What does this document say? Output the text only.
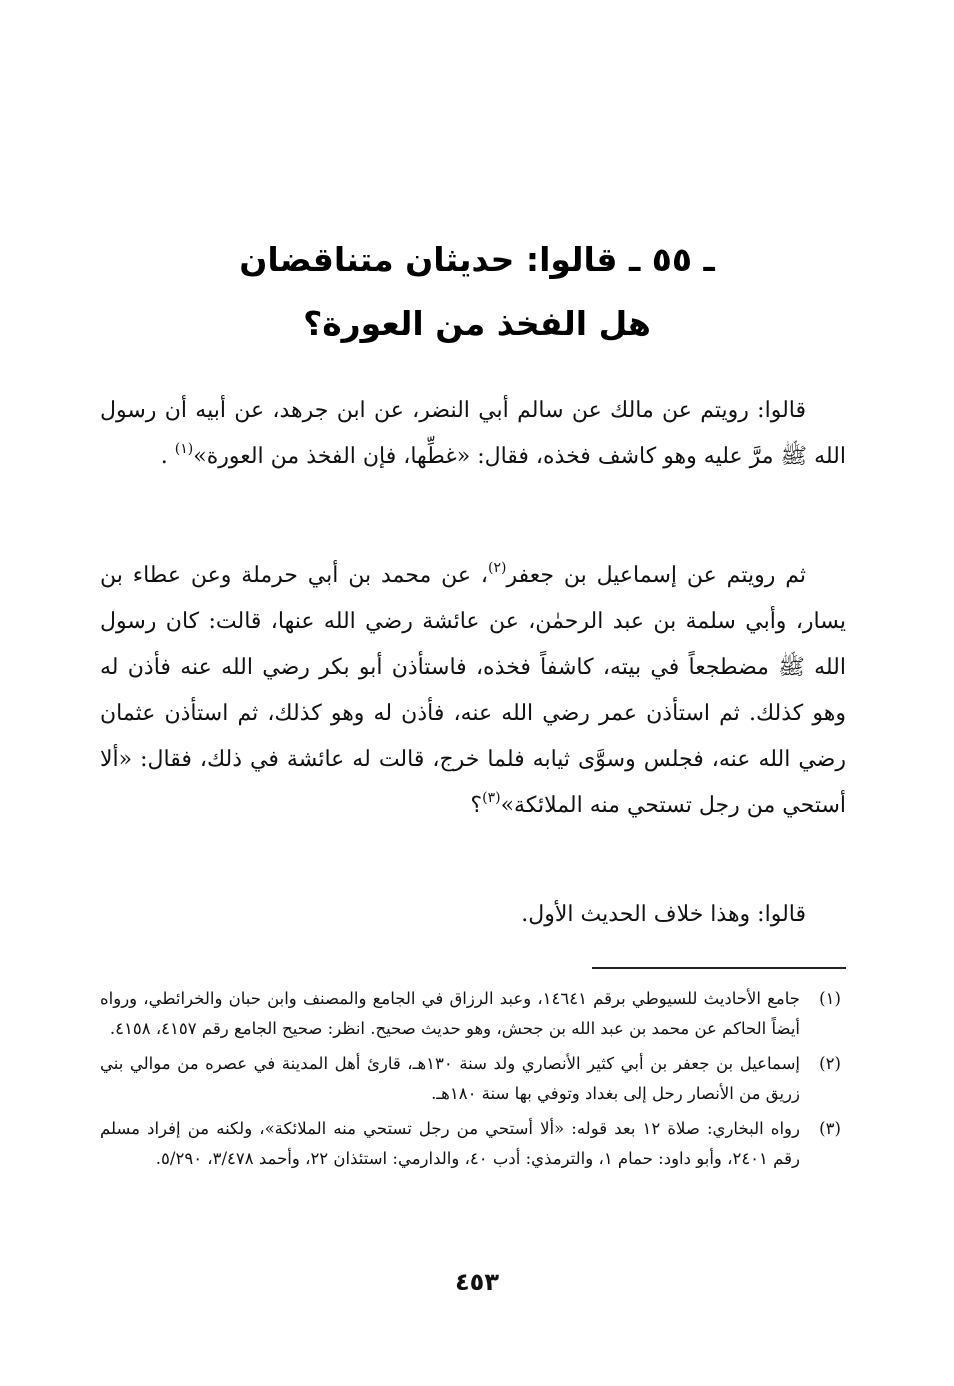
ـ ٥٥ ـ قالوا: حديثان متناقضان
هل الفخذ من العورة؟

قالوا: رويتم عن مالك عن سالم أبي النضر، عن ابن جرهد، عن أبيه أن رسول الله ﷺ مرَّ عليه وهو كاشف فخذه، فقال: «غطِّها، فإن الفخذ من العورة»$^{(١)}$ .

ثم رويتم عن إسماعيل بن جعفر$^{(٢)}$، عن محمد بن أبي حرملة وعن عطاء بن يسار، وأبي سلمة بن عبد الرحمٰن، عن عائشة رضي الله عنها، قالت: كان رسول الله ﷺ مضطجعاً في بيته، كاشفاً فخذه، فاستأذن أبو بكر رضي الله عنه فأذن له وهو كذلك. ثم استأذن عمر رضي الله عنه، فأذن له وهو كذلك، ثم استأذن عثمان رضي الله عنه، فجلس وسوَّى ثيابه فلما خرج، قالت له عائشة في ذلك، فقال: «ألا أستحي من رجل تستحي منه الملائكة»$^{(٣)}$؟

قالوا: وهذا خلاف الحديث الأول.

(١)
جامع الأحاديث للسيوطي برقم ١٤٦٤١، وعبد الرزاق في الجامع والمصنف وابن حبان والخرائطي، ورواه أيضاً الحاكم عن محمد بن عبد الله بن جحش، وهو حديث صحيح. انظر: صحيح الجامع رقم ٤١٥٧، ٤١٥٨.
(٢)
إسماعيل بن جعفر بن أبي كثير الأنصاري ولد سنة ١٣٠هـ، قارئ أهل المدينة في عصره من موالي بني زريق من الأنصار رحل إلى بغداد وتوفي بها سنة ١٨٠هـ.
(٣)
رواه البخاري: صلاة ١٢ بعد قوله: «ألا أستحي من رجل تستحي منه الملائكة»، ولكنه من إفراد مسلم رقم ٢٤٠١، وأبو داود: حمام ١، والترمذي: أدب ٤٠، والدارمي: استئذان ٢٢، وأحمد ٣/٤٧٨، ٥/٢٩٠.
٤٥٣
